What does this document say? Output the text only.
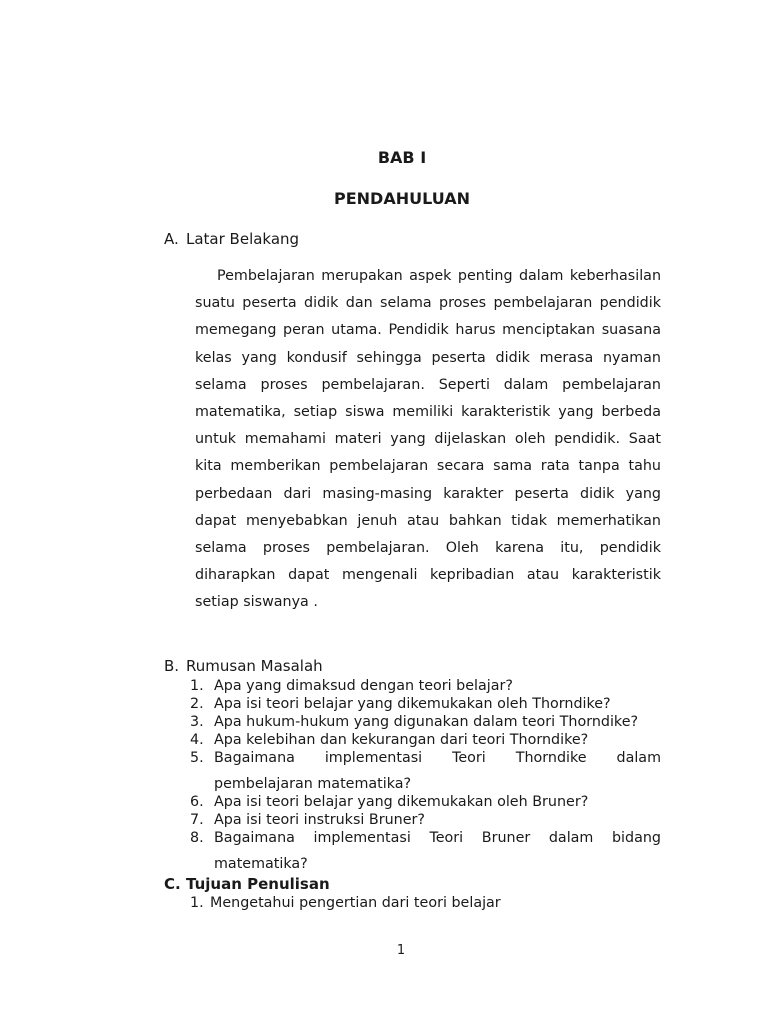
BAB I
PENDAHULUAN
A. Latar Belakang

Pembelajaran merupakan aspek penting dalam keberhasilan suatu peserta didik dan selama proses pembelajaran pendidik memegang peran utama. Pendidik harus menciptakan suasana kelas yang kondusif sehingga peserta didik merasa nyaman selama proses pembelajaran. Seperti dalam pembelajaran matematika, setiap siswa memiliki karakteristik yang berbeda untuk memahami materi yang dijelaskan oleh pendidik. Saat kita memberikan pembelajaran secara sama rata tanpa tahu perbedaan dari masing-masing karakter peserta didik yang dapat menyebabkan jenuh atau bahkan tidak memerhatikan selama proses pembelajaran. Oleh karena itu, pendidik diharapkan dapat mengenali kepribadian atau karakteristik setiap siswanya .

B. Rumusan Masalah
1. Apa yang dimaksud dengan teori belajar?
2. Apa isi teori belajar yang dikemukakan oleh Thorndike?
3. Apa hukum-hukum yang digunakan dalam teori Thorndike?
4. Apa kelebihan dan kekurangan dari teori Thorndike?
5. Bagaimana implementasi Teori Thorndike dalam
pembelajaran matematika?
6. Apa isi teori belajar yang dikemukakan oleh Bruner?
7. Apa isi teori instruksi Bruner?
8. Bagaimana implementasi Teori Bruner dalam bidang
matematika?
C. Tujuan Penulisan
1. Mengetahui pengertian dari teori belajar
1
